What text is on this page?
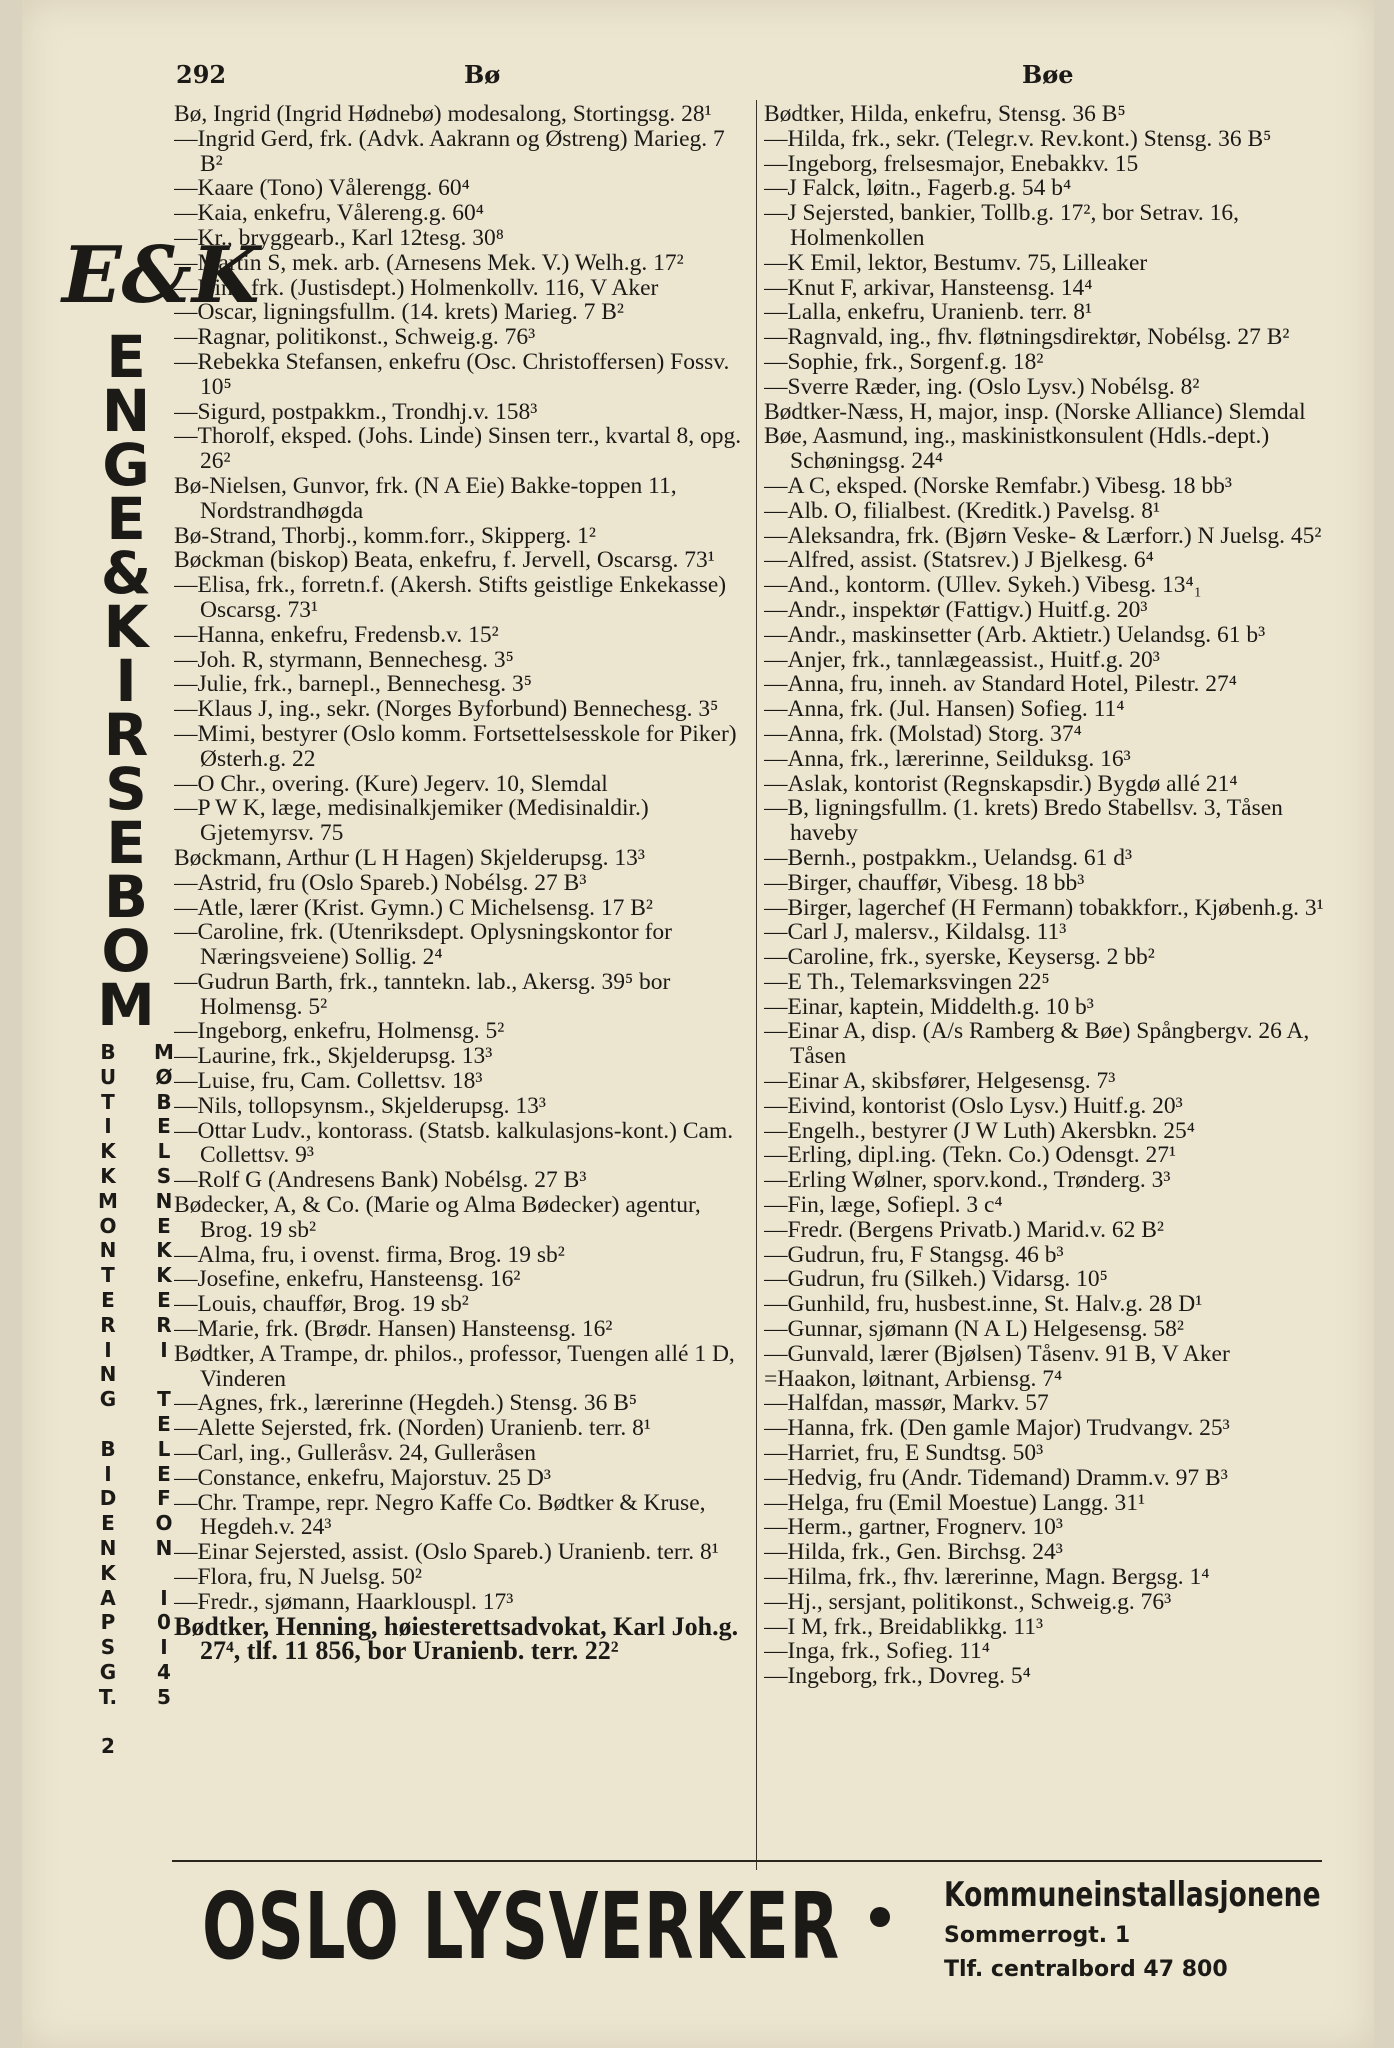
292	Bø	Bøe
E&K
E
N
G
E
&
K
I
R
S
E
B
O
M
B
U
T
I
K
K
M
O
N
T
E
R
I
N
G
B
I
D
E
N
K
A
P
S
G
T.
2
M
Ø
B
E
L
S
N
E
K
K
E
R
I
T
E
L
E
F
O
N
I
0
I
4
5
Bø, Ingrid (Ingrid Hødnebø) modesalong, Stortingsg. 28¹
—Ingrid Gerd, frk. (Advk. Aakrann og Østreng) Marieg. 7 B²
—Kaare (Tono) Vålerengg. 60⁴
—Kaia, enkefru, Vålereng.g. 60⁴
—Kr., bryggearb., Karl 12tesg. 30⁸
—Martin S, mek. arb. (Arnesens Mek. V.) Welh.g. 17²
—Nini, frk. (Justisdept.) Holmenkollv. 116, V Aker
—Oscar, ligningsfullm. (14. krets) Marieg. 7 B²
—Ragnar, politikonst., Schweig.g. 76³
—Rebekka Stefansen, enkefru (Osc. Christoffersen) Fossv. 10⁵
—Sigurd, postpakkm., Trondhj.v. 158³
—Thorolf, eksped. (Johs. Linde) Sinsen terr., kvartal 8, opg. 26²
Bø-Nielsen, Gunvor, frk. (N A Eie) Bakke-toppen 11, Nordstrandhøgda
Bø-Strand, Thorbj., komm.forr., Skipperg. 1²
Bøckman (biskop) Beata, enkefru, f. Jervell, Oscarsg. 73¹
—Elisa, frk., forretn.f. (Akersh. Stifts geistlige Enkekasse) Oscarsg. 73¹
—Hanna, enkefru, Fredensb.v. 15²
—Joh. R, styrmann, Bennechesg. 3⁵
—Julie, frk., barnepl., Bennechesg. 3⁵
—Klaus J, ing., sekr. (Norges Byforbund) Bennechesg. 3⁵
—Mimi, bestyrer (Oslo komm. Fortsettelsesskole for Piker) Østerh.g. 22
—O Chr., overing. (Kure) Jegerv. 10, Slemdal
—P W K, læge, medisinalkjemiker (Medisinaldir.) Gjetemyrsv. 75
Bøckmann, Arthur (L H Hagen) Skjelderupsg. 13³
—Astrid, fru (Oslo Spareb.) Nobélsg. 27 B³
—Atle, lærer (Krist. Gymn.) C Michelsensg. 17 B²
—Caroline, frk. (Utenriksdept. Oplysningskontor for Næringsveiene) Sollig. 2⁴
—Gudrun Barth, frk., tanntekn. lab., Akersg. 39⁵ bor Holmensg. 5²
—Ingeborg, enkefru, Holmensg. 5²
—Laurine, frk., Skjelderupsg. 13³
—Luise, fru, Cam. Collettsv. 18³
—Nils, tollopsynsm., Skjelderupsg. 13³
—Ottar Ludv., kontorass. (Statsb. kalkulasjons-kont.) Cam. Collettsv. 9³
—Rolf G (Andresens Bank) Nobélsg. 27 B³
Bødecker, A, & Co. (Marie og Alma Bødecker) agentur, Brog. 19 sb²
—Alma, fru, i ovenst. firma, Brog. 19 sb²
—Josefine, enkefru, Hansteensg. 16²
—Louis, chauffør, Brog. 19 sb²
—Marie, frk. (Brødr. Hansen) Hansteensg. 16²
Bødtker, A Trampe, dr. philos., professor, Tuengen allé 1 D, Vinderen
—Agnes, frk., lærerinne (Hegdeh.) Stensg. 36 B⁵
—Alette Sejersted, frk. (Norden) Uranienb. terr. 8¹
—Carl, ing., Gulleråsv. 24, Gulleråsen
—Constance, enkefru, Majorstuv. 25 D³
—Chr. Trampe, repr. Negro Kaffe Co. Bødtker & Kruse, Hegdeh.v. 24³
—Einar Sejersted, assist. (Oslo Spareb.) Uranienb. terr. 8¹
—Flora, fru, N Juelsg. 50²
—Fredr., sjømann, Haarklouspl. 17³
Bødtker, Henning, høiesterettsadvokat, Karl Joh.g. 27⁴, tlf. 11 856, bor Uranienb. terr. 22²
Bødtker, Hilda, enkefru, Stensg. 36 B⁵
—Hilda, frk., sekr. (Telegr.v. Rev.kont.) Stensg. 36 B⁵
—Ingeborg, frelsesmajor, Enebakkv. 15
—J Falck, løitn., Fagerb.g. 54 b⁴
—J Sejersted, bankier, Tollb.g. 17², bor Setrav. 16, Holmenkollen
—K Emil, lektor, Bestumv. 75, Lilleaker
—Knut F, arkivar, Hansteensg. 14⁴
—Lalla, enkefru, Uranienb. terr. 8¹
—Ragnvald, ing., fhv. fløtningsdirektør, Nobélsg. 27 B²
—Sophie, frk., Sorgenf.g. 18²
—Sverre Ræder, ing. (Oslo Lysv.) Nobélsg. 8²
Bødtker-Næss, H, major, insp. (Norske Alliance) Slemdal
Bøe, Aasmund, ing., maskinistkonsulent (Hdls.-dept.) Schøningsg. 24⁴
—A C, eksped. (Norske Remfabr.) Vibesg. 18 bb³
—Alb. O, filialbest. (Kreditk.) Pavelsg. 8¹
—Aleksandra, frk. (Bjørn Veske- & Lærforr.) N Juelsg. 45²
—Alfred, assist. (Statsrev.) J Bjelkesg. 6⁴
—And., kontorm. (Ullev. Sykeh.) Vibesg. 13⁴₁
—Andr., inspektør (Fattigv.) Huitf.g. 20³
—Andr., maskinsetter (Arb. Aktietr.) Uelandsg. 61 b³
—Anjer, frk., tannlægeassist., Huitf.g. 20³
—Anna, fru, inneh. av Standard Hotel, Pilestr. 27⁴
—Anna, frk. (Jul. Hansen) Sofieg. 11⁴
—Anna, frk. (Molstad) Storg. 37⁴
—Anna, frk., lærerinne, Seilduksg. 16³
—Aslak, kontorist (Regnskapsdir.) Bygdø allé 21⁴
—B, ligningsfullm. (1. krets) Bredo Stabellsv. 3, Tåsen haveby
—Bernh., postpakkm., Uelandsg. 61 d³
—Birger, chauffør, Vibesg. 18 bb³
—Birger, lagerchef (H Fermann) tobakkforr., Kjøbenh.g. 3¹
—Carl J, malersv., Kildalsg. 11³
—Caroline, frk., syerske, Keysersg. 2 bb²
—E Th., Telemarksvingen 22⁵
—Einar, kaptein, Middelth.g. 10 b³
—Einar A, disp. (A/s Ramberg & Bøe) Spångbergv. 26 A, Tåsen
—Einar A, skibsfører, Helgesensg. 7³
—Eivind, kontorist (Oslo Lysv.) Huitf.g. 20³
—Engelh., bestyrer (J W Luth) Akersbkn. 25⁴
—Erling, dipl.ing. (Tekn. Co.) Odensgt. 27¹
—Erling Wølner, sporv.kond., Trønderg. 3³
—Fin, læge, Sofiepl. 3 c⁴
—Fredr. (Bergens Privatb.) Marid.v. 62 B²
—Gudrun, fru, F Stangsg. 46 b³
—Gudrun, fru (Silkeh.) Vidarsg. 10⁵
—Gunhild, fru, husbest.inne, St. Halv.g. 28 D¹
—Gunnar, sjømann (N A L) Helgesensg. 58²
—Gunvald, lærer (Bjølsen) Tåsenv. 91 B, V Aker
=Haakon, løitnant, Arbiensg. 7⁴
—Halfdan, massør, Markv. 57
—Hanna, frk. (Den gamle Major) Trudvangv. 25³
—Harriet, fru, E Sundtsg. 50³
—Hedvig, fru (Andr. Tidemand) Dramm.v. 97 B³
—Helga, fru (Emil Moestue) Langg. 31¹
—Herm., gartner, Frognerv. 10³
—Hilda, frk., Gen. Birchsg. 24³
—Hilma, frk., fhv. lærerinne, Magn. Bergsg. 1⁴
—Hj., sersjant, politikonst., Schweig.g. 76³
—I M, frk., Breidablikkg. 11³
—Inga, frk., Sofieg. 11⁴
—Ingeborg, frk., Dovreg. 5⁴
OSLO LYSVERKER	Kommuneinstallasjonene
Sommerrogt. 1
Tlf. centralbord 47 800
